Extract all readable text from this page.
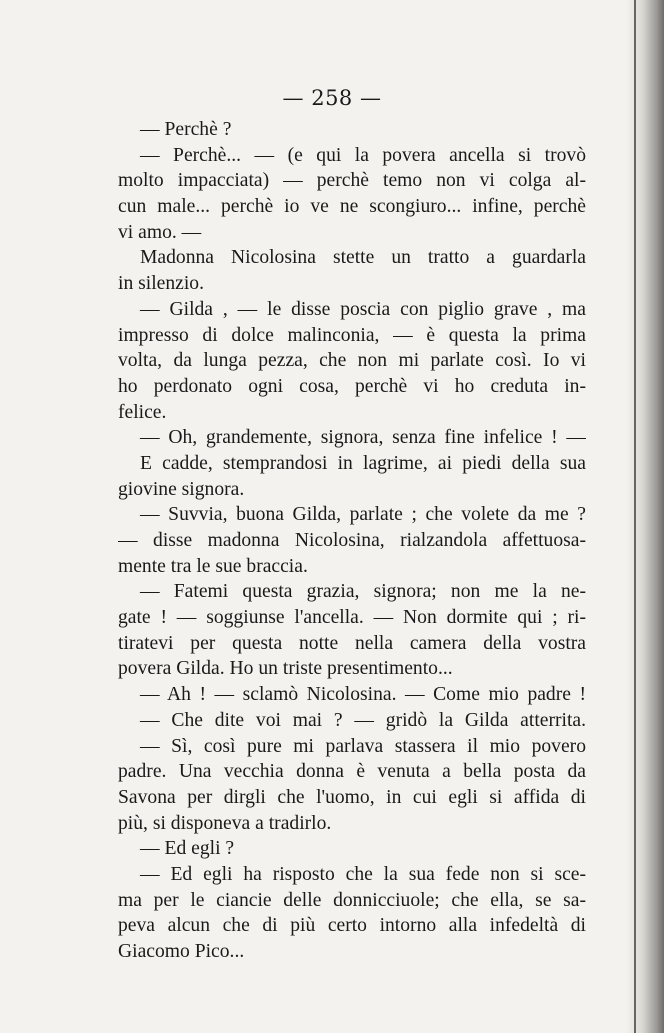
— 258 —
— Perchè ?
— Perchè... — (e qui la povera ancella si trovò
molto impacciata) — perchè temo non vi colga al-
cun male... perchè io ve ne scongiuro... infine, perchè
vi amo. —
Madonna Nicolosina stette un tratto a guardarla
in silenzio.
— Gilda , — le disse poscia con piglio grave , ma
impresso di dolce malinconia, — è questa la prima
volta, da lunga pezza, che non mi parlate così. Io vi
ho perdonato ogni cosa, perchè vi ho creduta in-
felice.
— Oh, grandemente, signora, senza fine infelice ! —
E cadde, stemprandosi in lagrime, ai piedi della sua
giovine signora.
— Suvvia, buona Gilda, parlate ; che volete da me ?
— disse madonna Nicolosina, rialzandola affettuosa-
mente tra le sue braccia.
— Fatemi questa grazia, signora; non me la ne-
gate ! — soggiunse l'ancella. — Non dormite qui ; ri-
tiratevi per questa notte nella camera della vostra
povera Gilda. Ho un triste presentimento...
— Ah ! — sclamò Nicolosina. — Come mio padre !
— Che dite voi mai ? — gridò la Gilda atterrita.
— Sì, così pure mi parlava stassera il mio povero
padre. Una vecchia donna è venuta a bella posta da
Savona per dirgli che l'uomo, in cui egli si affida di
più, si disponeva a tradirlo.
— Ed egli ?
— Ed egli ha risposto che la sua fede non si sce-
ma per le ciancie delle donnicciuole; che ella, se sa-
peva alcun che di più certo intorno alla infedeltà di
Giacomo Pico...
